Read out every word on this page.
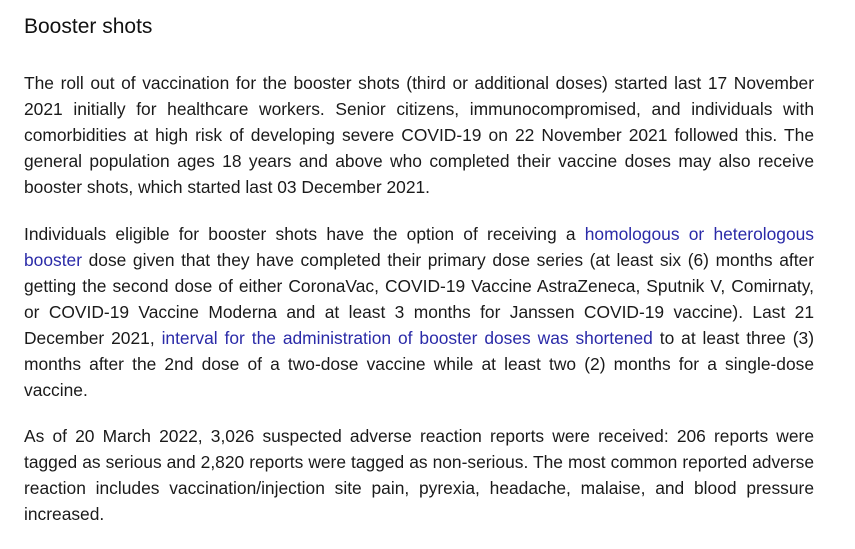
Booster shots

The roll out of vaccination for the booster shots (third or additional doses) started last 17 November 2021 initially for healthcare workers. Senior citizens, immunocompromised, and individuals with comorbidities at high risk of developing severe COVID-19 on 22 November 2021 followed this. The general population ages 18 years and above who completed their vaccine doses may also receive booster shots, which started last 03 December 2021.

Individuals eligible for booster shots have the option of receiving a homologous or heterologous booster dose given that they have completed their primary dose series (at least six (6) months after getting the second dose of either CoronaVac, COVID-19 Vaccine AstraZeneca, Sputnik V, Comirnaty, or COVID-19 Vaccine Moderna and at least 3 months for Janssen COVID-19 vaccine). Last 21 December 2021, interval for the administration of booster doses was shortened to at least three (3) months after the 2nd dose of a two-dose vaccine while at least two (2) months for a single-dose vaccine.

As of 20 March 2022, 3,026 suspected adverse reaction reports were received: 206 reports were tagged as serious and 2,820 reports were tagged as non-serious. The most common reported adverse reaction includes vaccination/injection site pain, pyrexia, headache, malaise, and blood pressure increased.
